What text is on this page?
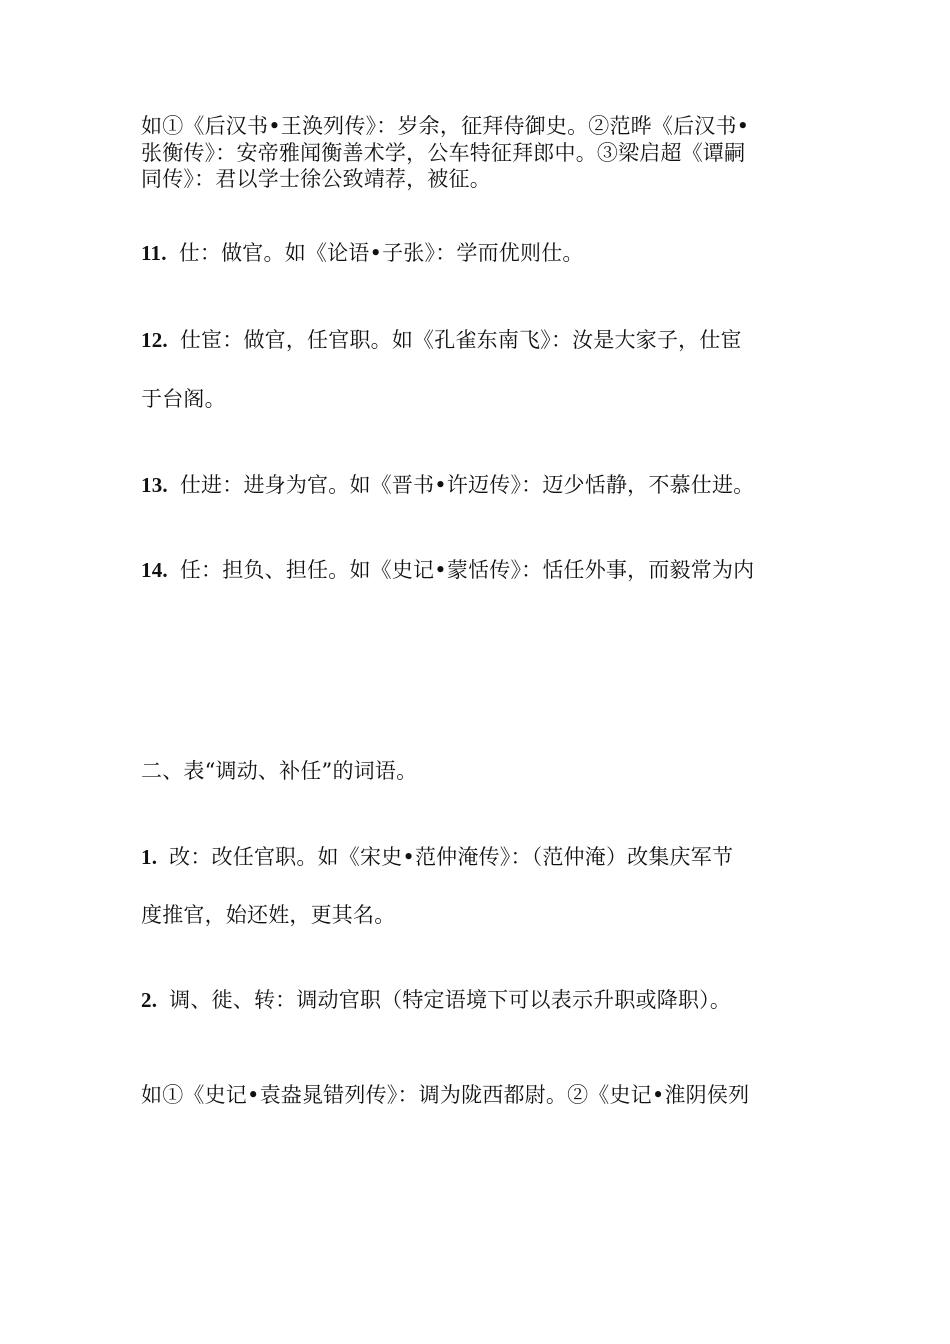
如①《后汉书•王涣列传》：岁余，征拜侍御史。②范晔《后汉书•
张衡传》：安帝雅闻衡善术学，公车特征拜郎中。③梁启超《谭嗣
同传》：君以学士徐公致靖荐，被征。
11. 仕：做官。如《论语•子张》：学而优则仕。
12. 仕宦：做官，任官职。如《孔雀东南飞》：汝是大家子，仕宦
于台阁。
13. 仕进：进身为官。如《晋书•许迈传》：迈少恬静，不慕仕进。
14. 任：担负、担任。如《史记•蒙恬传》：恬任外事，而毅常为内
二、表“调动、补任”的词语。
1. 改：改任官职。如《宋史•范仲淹传》：（范仲淹）改集庆军节
度推官，始还姓，更其名。
2. 调、徙、转：调动官职（特定语境下可以表示升职或降职）。
如①《史记•袁盎晁错列传》：调为陇西都尉。②《史记•淮阴侯列
